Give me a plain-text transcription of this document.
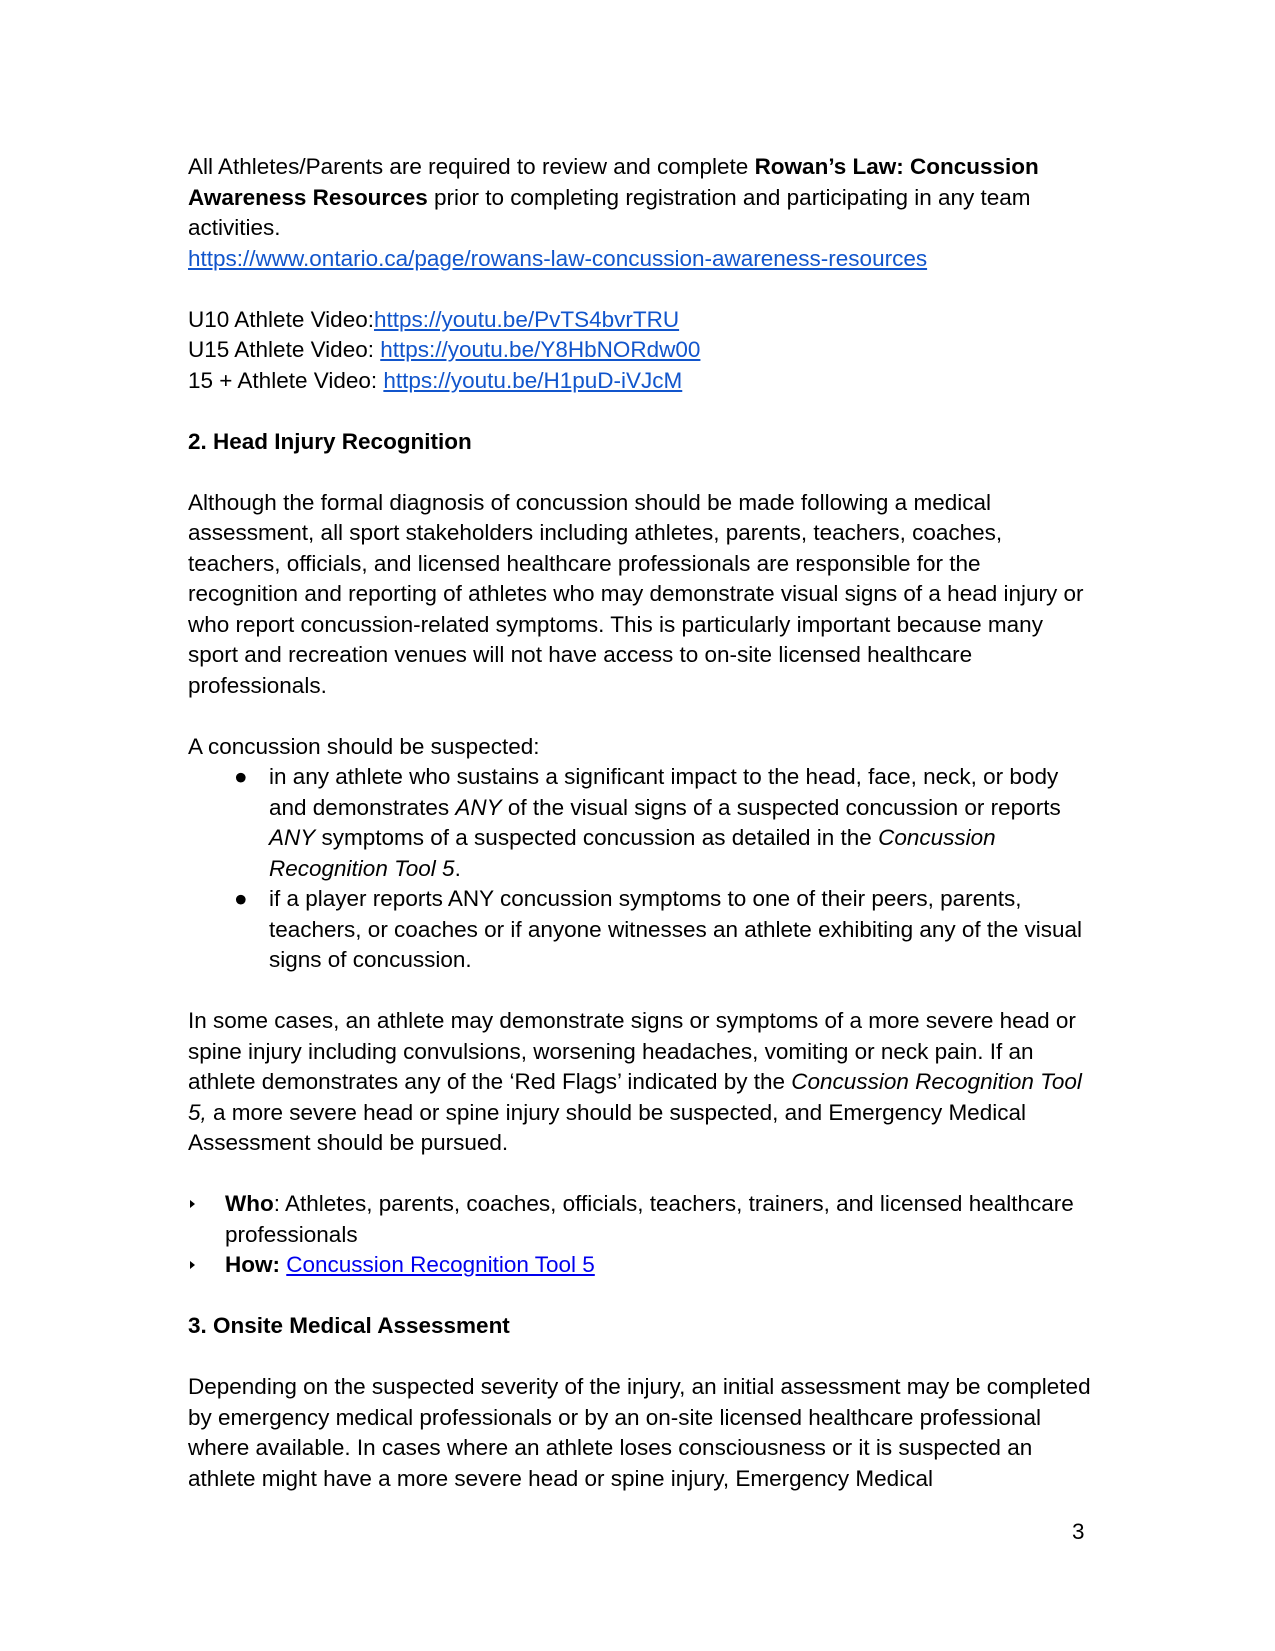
All Athletes/Parents are required to review and complete Rowan’s Law: Concussion Awareness Resources prior to completing registration and participating in any team activities.

https://www.ontario.ca/page/rowans-law-concussion-awareness-resources

U10 Athlete Video:https://youtu.be/PvTS4bvrTRU

U15 Athlete Video: https://youtu.be/Y8HbNORdw00

15 + Athlete Video: https://youtu.be/H1puD-iVJcM

2. Head Injury Recognition

Although the formal diagnosis of concussion should be made following a medical assessment, all sport stakeholders including athletes, parents, teachers, coaches, teachers, officials, and licensed healthcare professionals are responsible for the recognition and reporting of athletes who may demonstrate visual signs of a head injury or who report concussion-related symptoms. This is particularly important because many sport and recreation venues will not have access to on-site licensed healthcare professionals.

A concussion should be suspected:

● in any athlete who sustains a significant impact to the head, face, neck, or body and demonstrates ANY of the visual signs of a suspected concussion or reports ANY symptoms of a suspected concussion as detailed in the Concussion Recognition Tool 5.
● if a player reports ANY concussion symptoms to one of their peers, parents, teachers, or coaches or if anyone witnesses an athlete exhibiting any of the visual signs of concussion.

In some cases, an athlete may demonstrate signs or symptoms of a more severe head or spine injury including convulsions, worsening headaches, vomiting or neck pain. If an athlete demonstrates any of the ‘Red Flags’ indicated by the Concussion Recognition Tool 5, a more severe head or spine injury should be suspected, and Emergency Medical Assessment should be pursued.

Who: Athletes, parents, coaches, officials, teachers, trainers, and licensed healthcare professionals
How: Concussion Recognition Tool 5

3. Onsite Medical Assessment

Depending on the suspected severity of the injury, an initial assessment may be completed by emergency medical professionals or by an on-site licensed healthcare professional where available. In cases where an athlete loses consciousness or it is suspected an athlete might have a more severe head or spine injury, Emergency Medical

3
